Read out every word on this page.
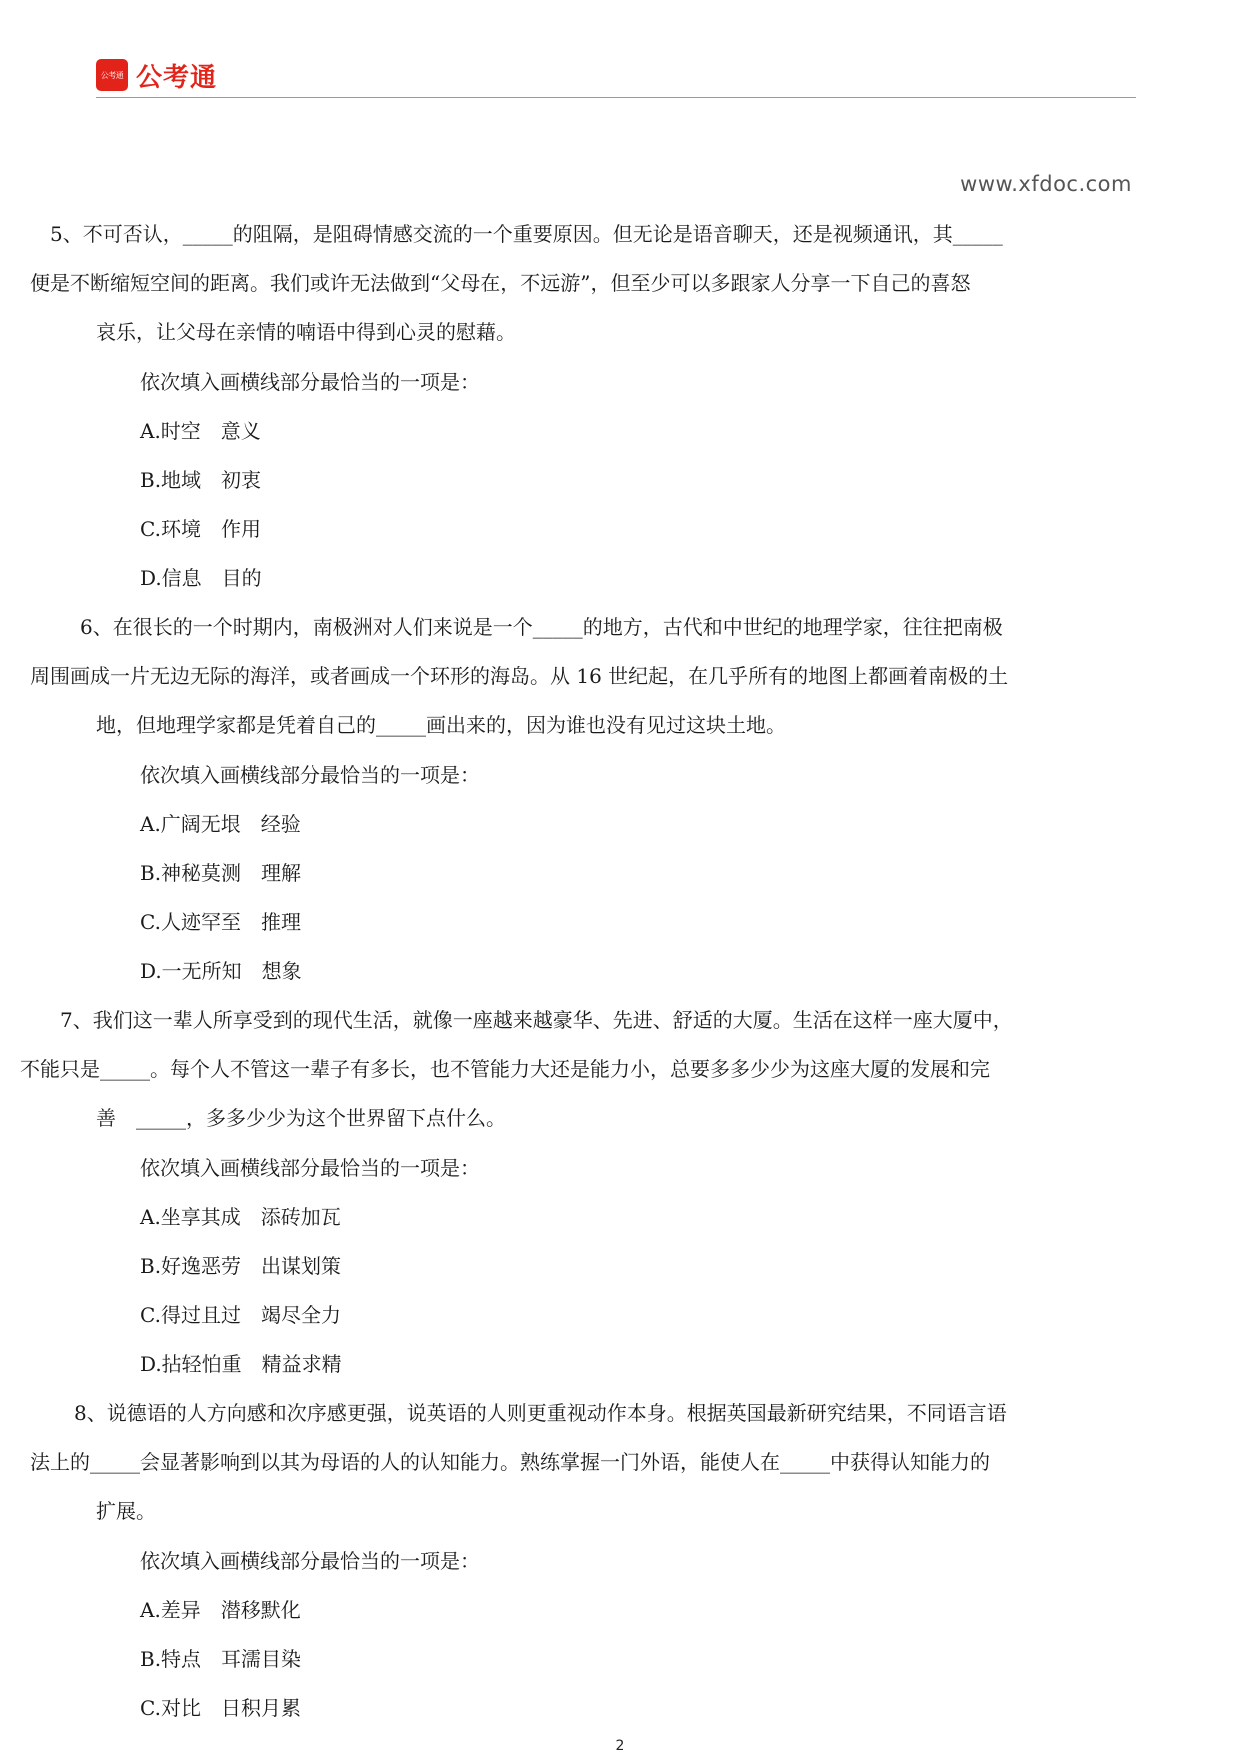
公考通 公考通
www.xfdoc.com
5、不可否认，_____的阻隔，是阻碍情感交流的一个重要原因。但无论是语音聊天，还是视频通讯，其_____
便是不断缩短空间的距离。我们或许无法做到“父母在，不远游”，但至少可以多跟家人分享一下自己的喜怒
哀乐，让父母在亲情的喃语中得到心灵的慰藉。
依次填入画横线部分最恰当的一项是：
A.时空　意义
B.地域　初衷
C.环境　作用
D.信息　目的
6、在很长的一个时期内，南极洲对人们来说是一个_____的地方，古代和中世纪的地理学家，往往把南极
周围画成一片无边无际的海洋，或者画成一个环形的海岛。从 16 世纪起，在几乎所有的地图上都画着南极的土
地，但地理学家都是凭着自己的_____画出来的，因为谁也没有见过这块土地。
依次填入画横线部分最恰当的一项是：
A.广阔无垠　经验
B.神秘莫测　理解
C.人迹罕至　推理
D.一无所知　想象
7、我们这一辈人所享受到的现代生活，就像一座越来越豪华、先进、舒适的大厦。生活在这样一座大厦中，
不能只是_____。每个人不管这一辈子有多长，也不管能力大还是能力小，总要多多少少为这座大厦的发展和完
善　_____，多多少少为这个世界留下点什么。
依次填入画横线部分最恰当的一项是：
A.坐享其成　添砖加瓦
B.好逸恶劳　出谋划策
C.得过且过　竭尽全力
D.拈轻怕重　精益求精
8、说德语的人方向感和次序感更强，说英语的人则更重视动作本身。根据英国最新研究结果，不同语言语
法上的_____会显著影响到以其为母语的人的认知能力。熟练掌握一门外语，能使人在_____中获得认知能力的
扩展。
依次填入画横线部分最恰当的一项是：
A.差异　潜移默化
B.特点　耳濡目染
C.对比　日积月累
2
